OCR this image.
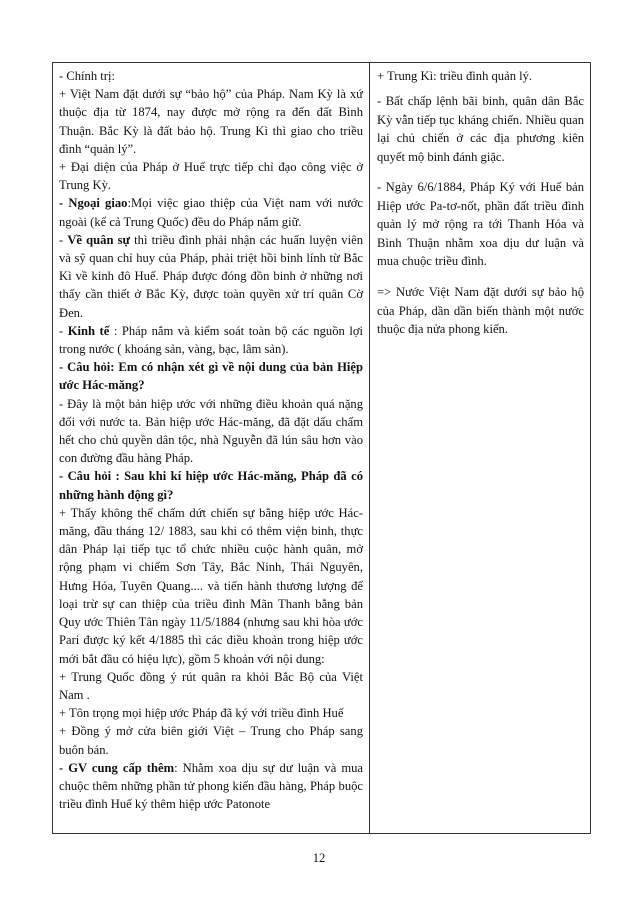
- Chính trị:

+ Việt Nam đặt dưới sự “bảo hộ” của Pháp. Nam Kỳ là xứ thuộc địa từ 1874, nay được mở rộng ra đến đất Bình Thuận. Bắc Kỳ là đất bảo hộ. Trung Kì thì giao cho triều đình “quản lý”.

+ Đại diện của Pháp ở Huế trực tiếp chỉ đạo công việc ở Trung Kỳ.

- Ngoại giao:Mọi việc giao thiệp của Việt nam với nước ngoài (kể cả Trung Quốc) đều do Pháp nắm giữ.

- Về quân sự thì triều đình phải nhận các huấn luyện viên và sỹ quan chỉ huy của Pháp, phải triệt hồi binh lính từ Bắc Kì về kinh đô Huế. Pháp được đóng đồn binh ở những nơi thấy cần thiết ở Bắc Kỳ, được toàn quyền xử trí quân Cờ Đen.

- Kinh tế : Pháp nắm và kiểm soát toàn bộ các nguồn lợi trong nước ( khoáng sản, vàng, bạc, lâm sản).

- Câu hỏi: Em có nhận xét gì về nội dung của bản Hiệp ước Hác-măng?

- Đây là một bản hiệp ước với những điều khoản quá nặng đối với nước ta. Bản hiệp ước Hác-măng, đã đặt dấu chấm hết cho chủ quyền dân tộc, nhà Nguyễn đã lún sâu hơn vào con đường đầu hàng Pháp.

- Câu hỏi : Sau khi kí hiệp ước Hác-măng, Pháp đã có những hành động gì?

+ Thấy không thể chấm dứt chiến sự bằng hiệp ước Hác-măng, đầu tháng 12/ 1883, sau khi có thêm viện binh, thực dân Pháp lại tiếp tục tổ chức nhiều cuộc hành quân, mở rộng phạm vi chiếm Sơn Tây, Bắc Ninh, Thái Nguyên, Hưng Hóa, Tuyên Quang.... và tiến hành thương lượng để loại trừ sự can thiệp của triều đình Mãn Thanh bằng bản Quy ước Thiên Tân ngày 11/5/1884 (nhưng sau khi hòa ước Pari được ký kết 4/1885 thì các điều khoản trong hiệp ước mới bắt đầu có hiệu lực), gồm 5 khoản với nội dung:

+ Trung Quốc đồng ý rút quân ra khỏi Bắc Bộ của Việt Nam .

+ Tôn trọng mọi hiệp ước Pháp đã ký với triều đình Huế

+ Đồng ý mở cửa biên giới Việt – Trung cho Pháp sang buôn bán.

- GV cung cấp thêm: Nhằm xoa dịu sự dư luận và mua chuộc thêm những phần tử phong kiến đầu hàng, Pháp buộc triều đình Huế ký thêm hiệp ước Patonote

+ Trung Kì: triều đình quản lý.

- Bất chấp lệnh bãi binh, quân dân Bắc Kỳ vẫn tiếp tục kháng chiến. Nhiều quan lại chủ chiến ở các địa phương kiên quyết mộ binh đánh giặc.

- Ngày 6/6/1884, Pháp Ký với Huế bản Hiệp ước Pa-tơ-nốt, phần đất triều đình quản lý mở rộng ra tới Thanh Hóa và Bình Thuận nhằm xoa dịu dư luận và mua chuộc triều đình.

=> Nước Việt Nam đặt dưới sự bảo hộ của Pháp, dần dần biến thành một nước thuộc địa nửa phong kiến.

12
